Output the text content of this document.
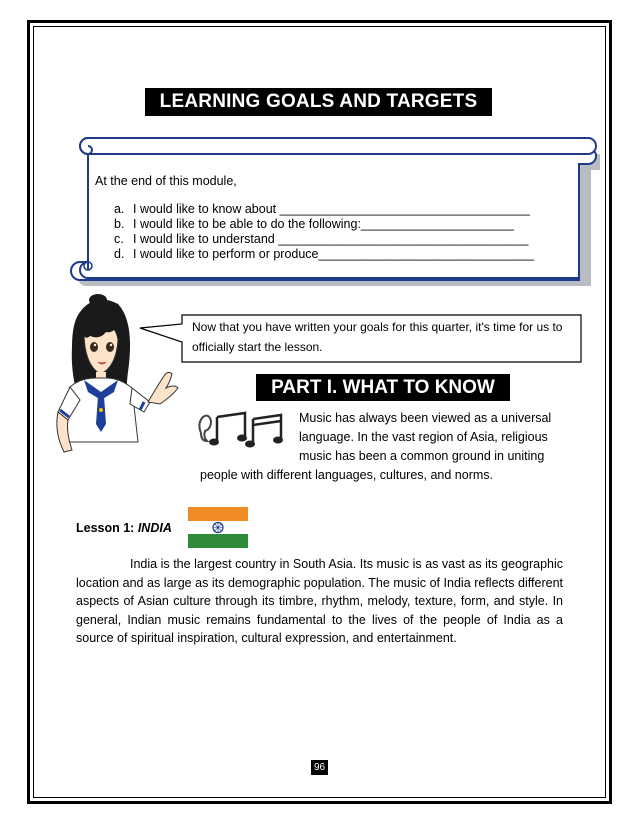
LEARNING GOALS AND TARGETS

At the end of this module,

a. I would like to know about ____________________________________
b. I would like to be able to do the following:______________________
c. I would like to understand ____________________________________
d. I would like to perform or produce_______________________________
Now that you have written your goals for this quarter, it's time for us to officially start the lesson.
PART I. WHAT TO KNOW
Music has always been viewed as a universal language. In the vast region of Asia, religious music has been a common ground in uniting
people with different languages, cultures, and norms.
Lesson 1: INDIA

India is the largest country in South Asia. Its music is as vast as its geographic location and as large as its demographic population. The music of India reflects different aspects of Asian culture through its timbre, rhythm, melody, texture, form, and style. In general, Indian music remains fundamental to the lives of the people of India as a source of spiritual inspiration, cultural expression, and entertainment.

96
